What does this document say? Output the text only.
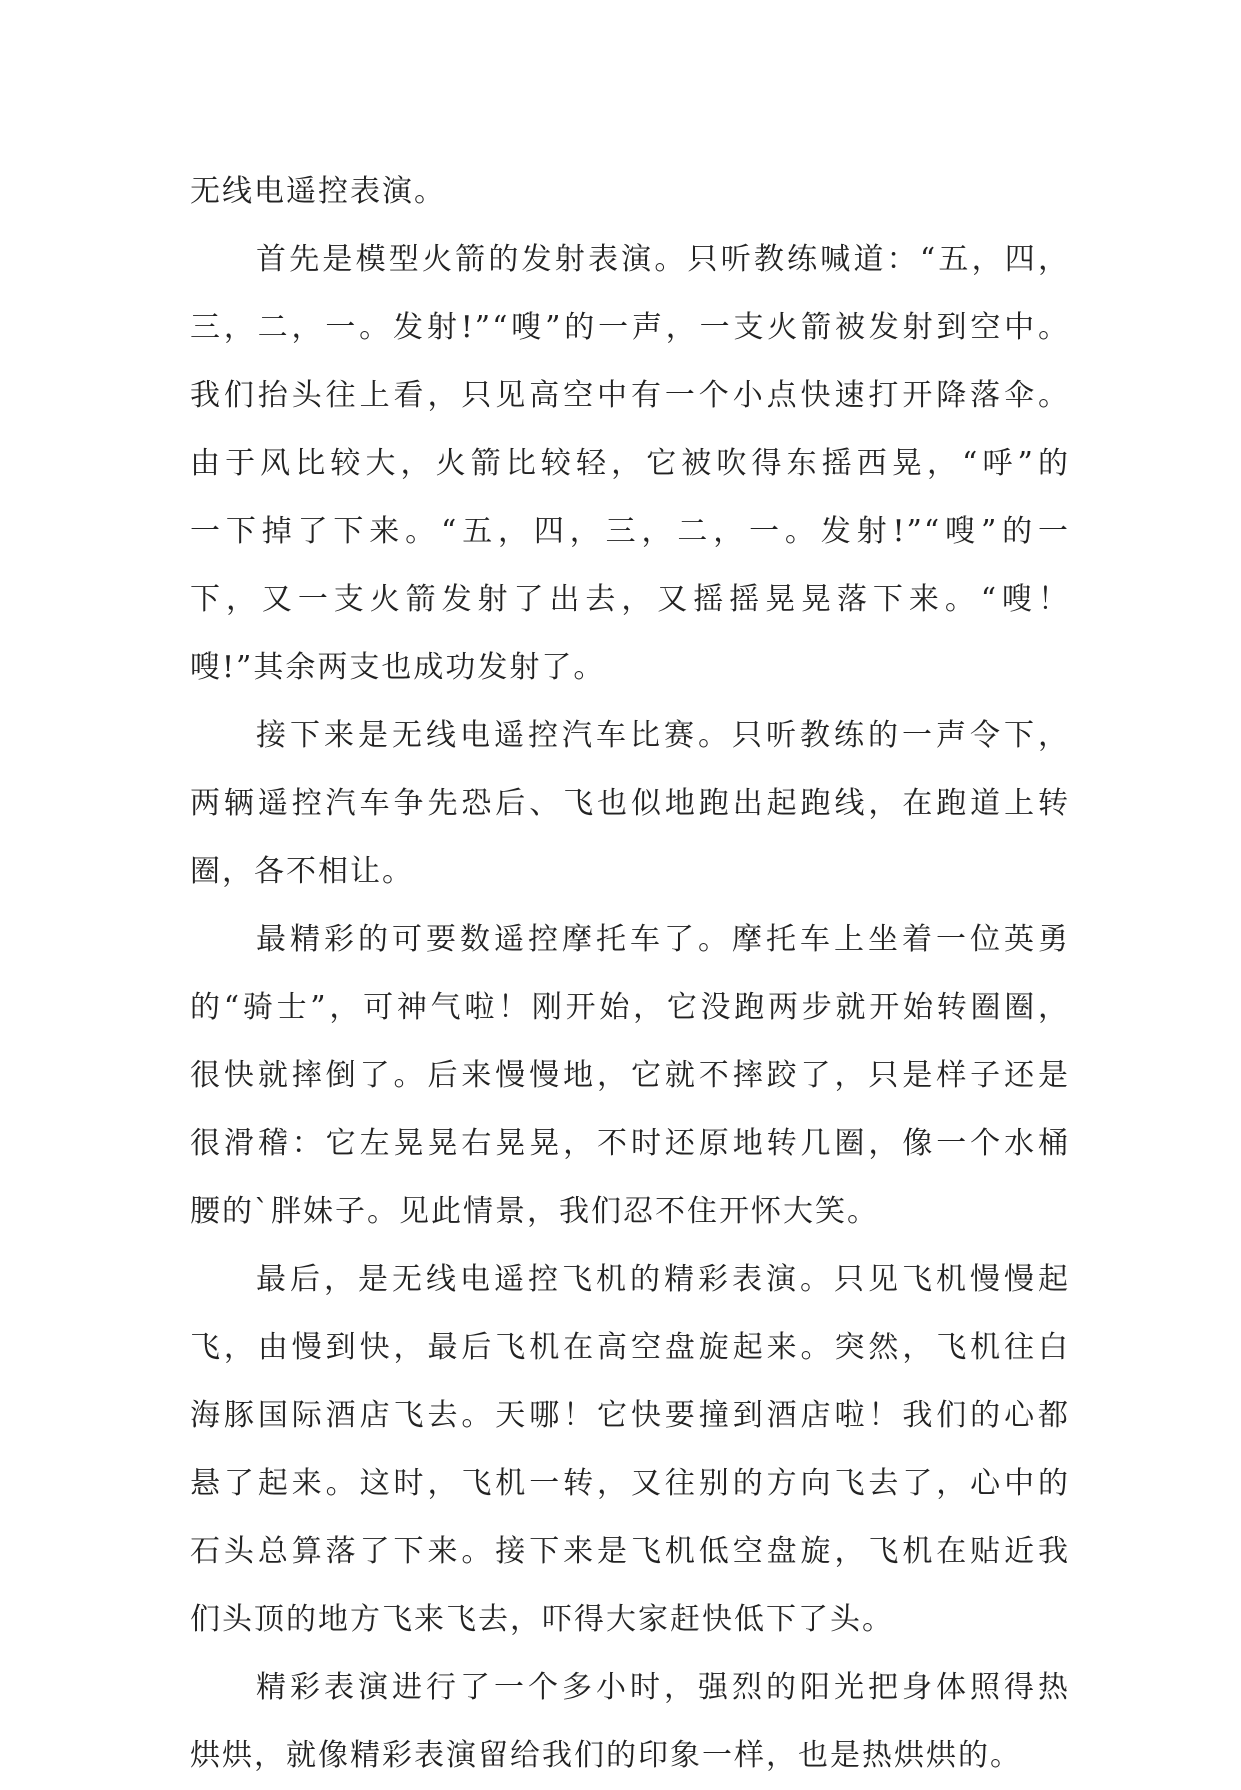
无线电遥控表演。
首先是模型火箭的发射表演。只听教练喊道：“五，四，
三，二，一。发射!”“嗖”的一声，一支火箭被发射到空中。
我们抬头往上看，只见高空中有一个小点快速打开降落伞。
由于风比较大，火箭比较轻，它被吹得东摇西晃，“呼”的
一下掉了下来。“五，四，三，二，一。发射!”“嗖”的一
下，又一支火箭发射了出去，又摇摇晃晃落下来。“嗖！
嗖!”其余两支也成功发射了。
接下来是无线电遥控汽车比赛。只听教练的一声令下，
两辆遥控汽车争先恐后、飞也似地跑出起跑线，在跑道上转
圈，各不相让。
最精彩的可要数遥控摩托车了。摩托车上坐着一位英勇
的“骑士”，可神气啦！刚开始，它没跑两步就开始转圈圈，
很快就摔倒了。后来慢慢地，它就不摔跤了，只是样子还是
很滑稽：它左晃晃右晃晃，不时还原地转几圈，像一个水桶
腰的`胖妹子。见此情景，我们忍不住开怀大笑。
最后，是无线电遥控飞机的精彩表演。只见飞机慢慢起
飞，由慢到快，最后飞机在高空盘旋起来。突然，飞机往白
海豚国际酒店飞去。天哪！它快要撞到酒店啦！我们的心都
悬了起来。这时，飞机一转，又往别的方向飞去了，心中的
石头总算落了下来。接下来是飞机低空盘旋，飞机在贴近我
们头顶的地方飞来飞去，吓得大家赶快低下了头。
精彩表演进行了一个多小时，强烈的阳光把身体照得热
烘烘，就像精彩表演留给我们的印象一样，也是热烘烘的。
